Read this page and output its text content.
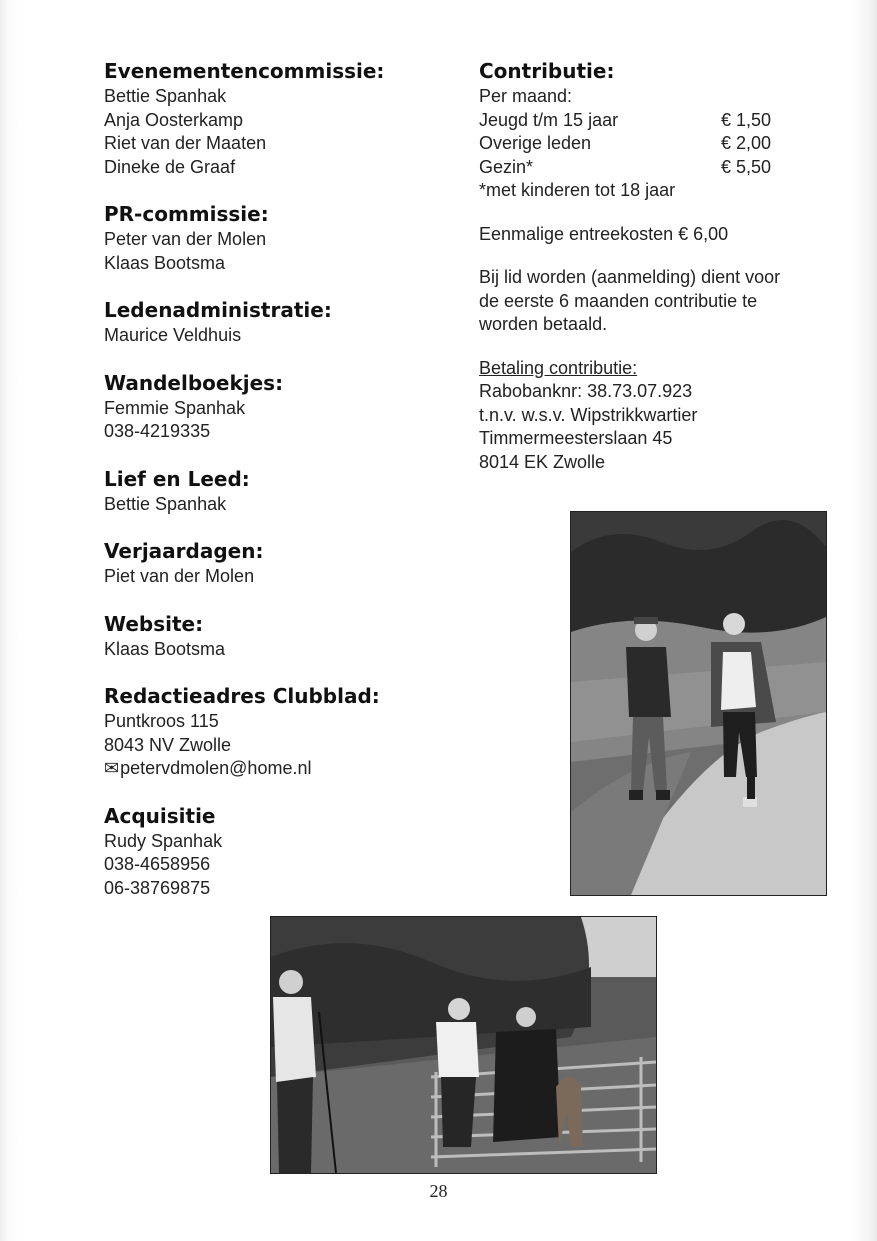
Evenementencommissie:
Bettie Spanhak
Anja Oosterkamp
Riet van der Maaten
Dineke de Graaf
PR-commissie:
Peter van der Molen
Klaas Bootsma
Ledenadministratie:
Maurice Veldhuis
Wandelboekjes:
Femmie Spanhak
038-4219335
Lief en Leed:
Bettie Spanhak
Verjaardagen:
Piet van der Molen
Website:
Klaas Bootsma
Redactieadres Clubblad:
Puntkroos 115
8043 NV Zwolle
✉petervdmolen@home.nl
Acquisitie
Rudy Spanhak
038-4658956
06-38769875
Contributie:
Per maand:
Jeugd t/m 15 jaar	€ 1,50
Overige leden	€ 2,00
Gezin*	€ 5,50
*met kinderen tot 18 jaar
Eenmalige entreekosten € 6,00
Bij lid worden (aanmelding) dient voor
de eerste 6 maanden contributie te
worden betaald.
Betaling contributie:
Rabobanknr: 38.73.07.923
t.n.v. w.s.v. Wipstrikkwartier
Timmermeesterslaan 45
8014 EK Zwolle
28
